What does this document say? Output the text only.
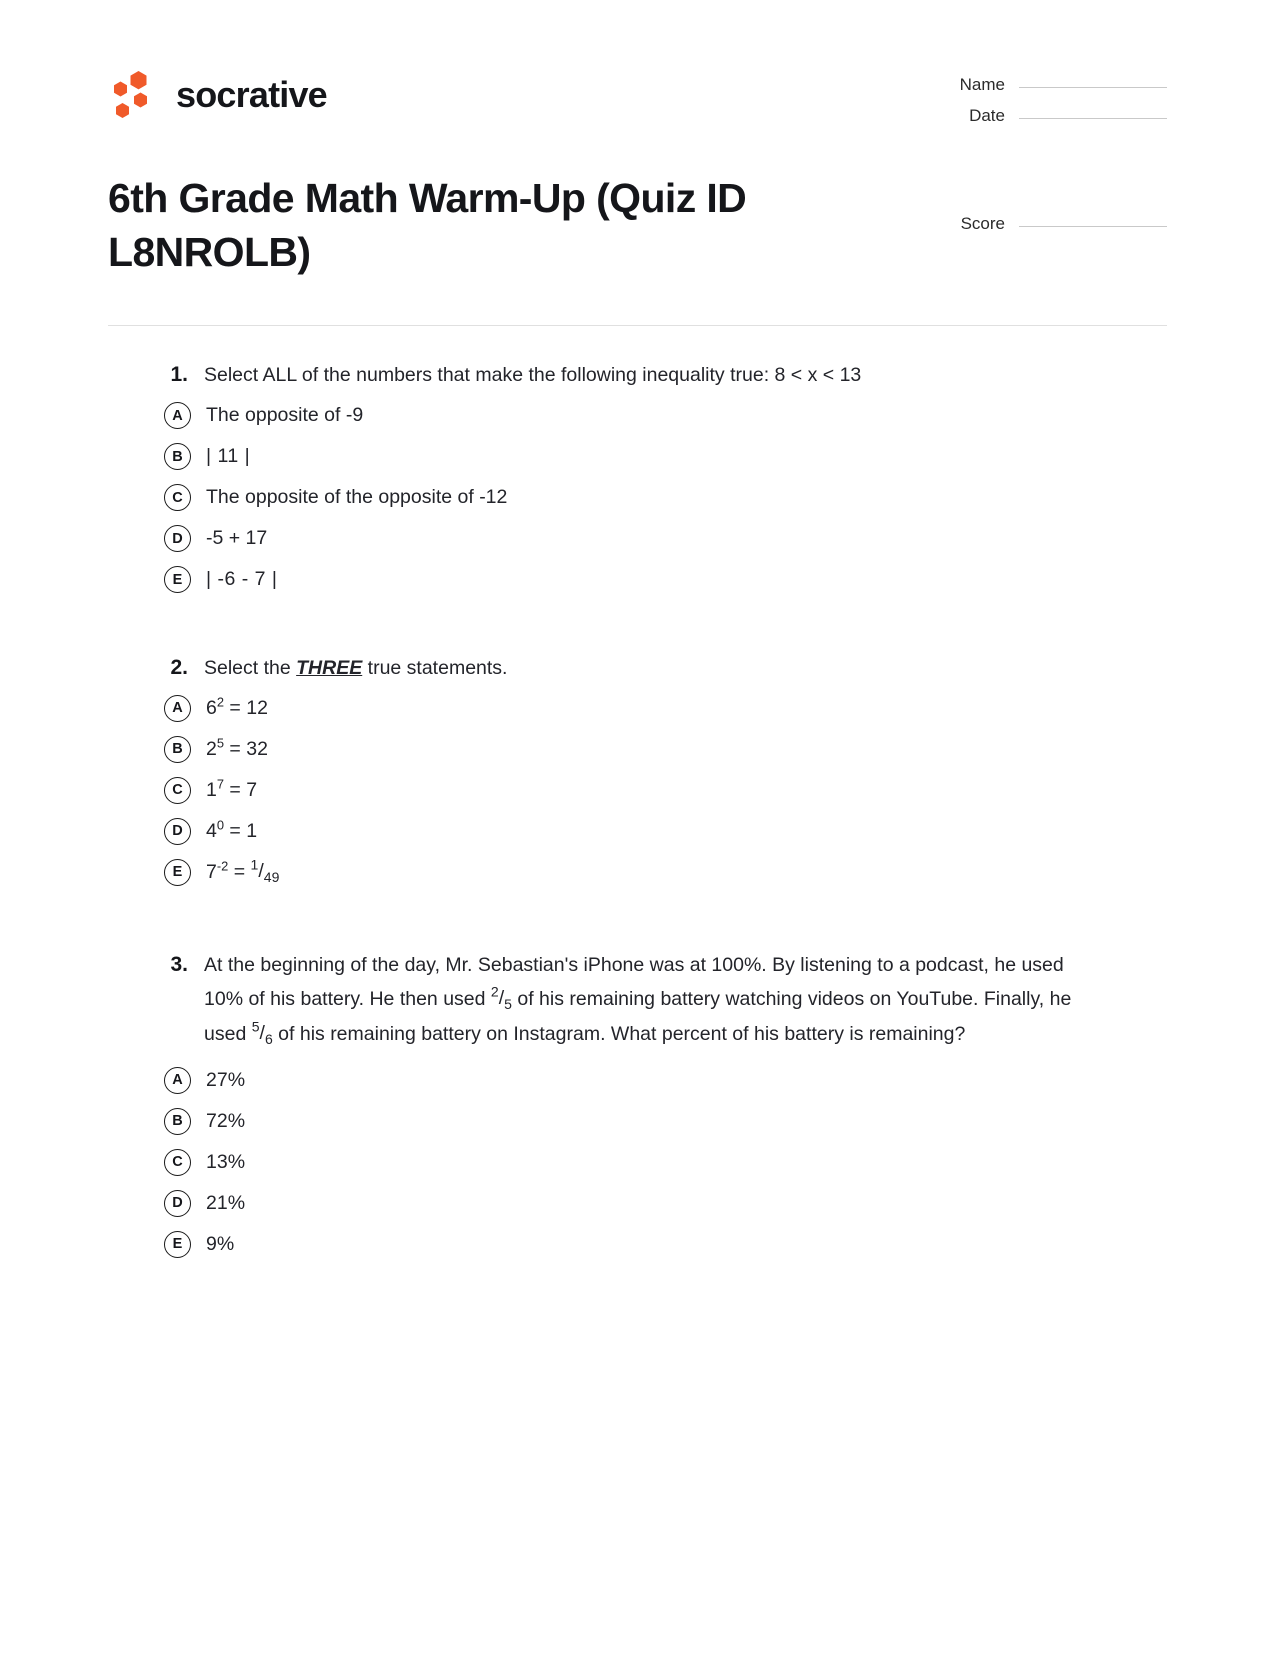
socrative	Name
Date
6th Grade Math Warm-Up (Quiz ID L8NROLB)
Score
1. Select ALL of the numbers that make the following inequality true: 8 < x < 13
A	The opposite of -9
B	| 11 |
C	The opposite of the opposite of -12
D	-5 + 17
E	| -6 - 7 |
2. Select the THREE true statements.
A	$6^2 = 12$
B	$2^5 = 32$
C	$1^7 = 7$
D	$4^0 = 1$
E	$7^{-2} = ^1/_{49}$
3. At the beginning of the day, Mr. Sebastian's iPhone was at 100%. By listening to a podcast, he used 10% of his battery. He then used $^2/_5$ of his remaining battery watching videos on YouTube. Finally, he used $^5/_6$ of his remaining battery on Instagram. What percent of his battery is remaining?
A	27%
B	72%
C	13%
D	21%
E	9%
